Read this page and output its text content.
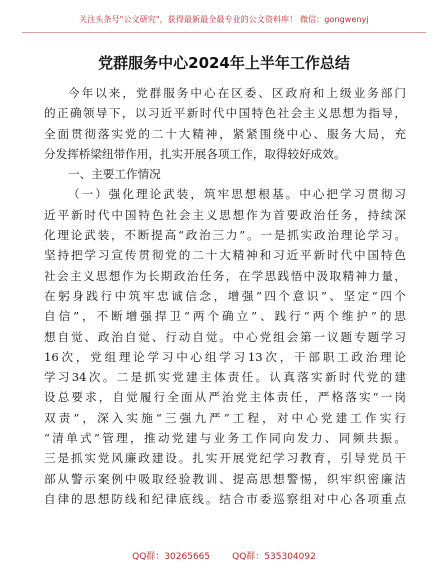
关注头条号"公文研究"，获得最新最全最专业的公文资料库！ 微信：gongwenyj
党群服务中心2024年上半年工作总结
今年以来，党群服务中心在区委、区政府和上级业务部门
的正确领导下，以习近平新时代中国特色社会主义思想为指导，
全面贯彻落实党的二十大精神，紧紧围绕中心、服务大局，充
分发挥桥梁纽带作用，扎实开展各项工作，取得较好成效。
一、主要工作情况
（一）强化理论武装，筑牢思想根基。中心把学习贯彻习
近平新时代中国特色社会主义思想作为首要政治任务，持续深
化理论武装，不断提高“政治三力”。一是抓实政治理论学习。
坚持把学习宣传贯彻党的二十大精神和习近平新时代中国特色
社会主义思想作为长期政治任务，在学思践悟中汲取精神力量，
在躬身践行中筑牢忠诚信念，增强“四个意识”、坚定“四个
自信”，不断增强捍卫“两个确立”、践行“两个维护”的思
想自觉、政治自觉、行动自觉。中心党组会第一议题专题学习
16次，党组理论学习中心组学习13次，干部职工政治理论
学习34次。二是抓实党建主体责任。认真落实新时代党的建
设总要求，自觉履行全面从严治党主体责任，严格落实“一岗
双责”，深入实施“三强九严”工程，对中心党建工作实行
“清单式”管理，推动党建与业务工作同向发力、同频共振。
三是抓实党风廉政建设。扎实开展党纪学习教育，引导党员干
部从警示案例中吸取经验教训、提高思想警惕，织牢织密廉洁
自律的思想防线和纪律底线。结合市委巡察组对中心各项重点
QQ群：30265665 QQ群：535304092
